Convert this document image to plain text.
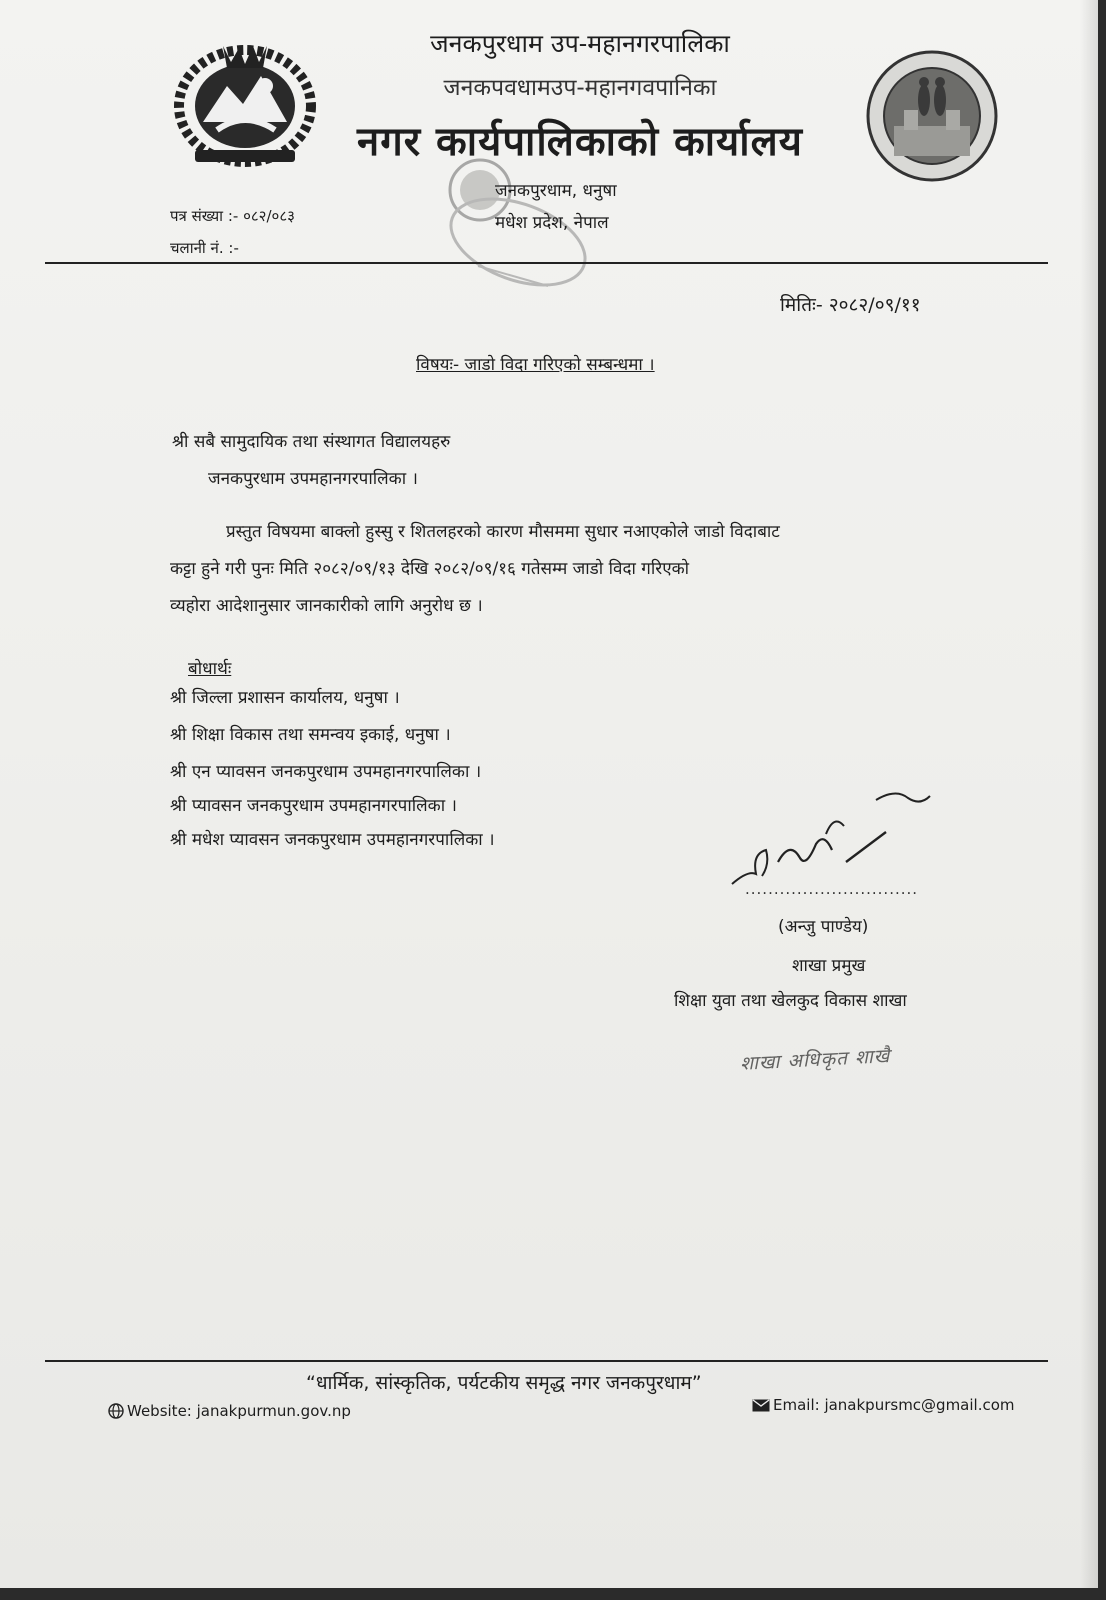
जनकपुरधाम उप-महानगरपालिका
जनकपवधामउप-महानगवपानिका
नगर कार्यपालिकाको कार्यालय
जनकपुरधाम, धनुषा
मधेश प्रदेश, नेपाल
पत्र संख्या :- ०८२/०८३
चलानी नं. :-
मितिः- २०८२/०९/११
विषयः- जाडो विदा गरिएको सम्बन्धमा ।
श्री सबै सामुदायिक तथा संस्थागत विद्यालयहरु
जनकपुरधाम उपमहानगरपालिका ।
प्रस्तुत विषयमा बाक्लो हुस्सु र शितलहरको कारण मौसममा सुधार नआएकोले जाडो विदाबाट
कट्टा हुने गरी पुनः मिति २०८२/०९/१३ देखि २०८२/०९/१६ गतेसम्म जाडो विदा गरिएको
व्यहोरा आदेशानुसार जानकारीको लागि अनुरोध छ ।
बोधार्थः
श्री जिल्ला प्रशासन कार्यालय, धनुषा ।
श्री शिक्षा विकास तथा समन्वय इकाई, धनुषा ।
श्री एन प्यावसन जनकपुरधाम उपमहानगरपालिका ।
श्री प्यावसन जनकपुरधाम उपमहानगरपालिका ।
श्री मधेश प्यावसन जनकपुरधाम उपमहानगरपालिका ।
..............................
(अन्जु पाण्डेय)
शाखा प्रमुख
शिक्षा युवा तथा खेलकुद विकास शाखा
शाखा अधिकृत शाखै
“धार्मिक, सांस्कृतिक, पर्यटकीय समृद्ध नगर जनकपुरधाम”
Website: janakpurmun.gov.np	Email: janakpursmc@gmail.com
